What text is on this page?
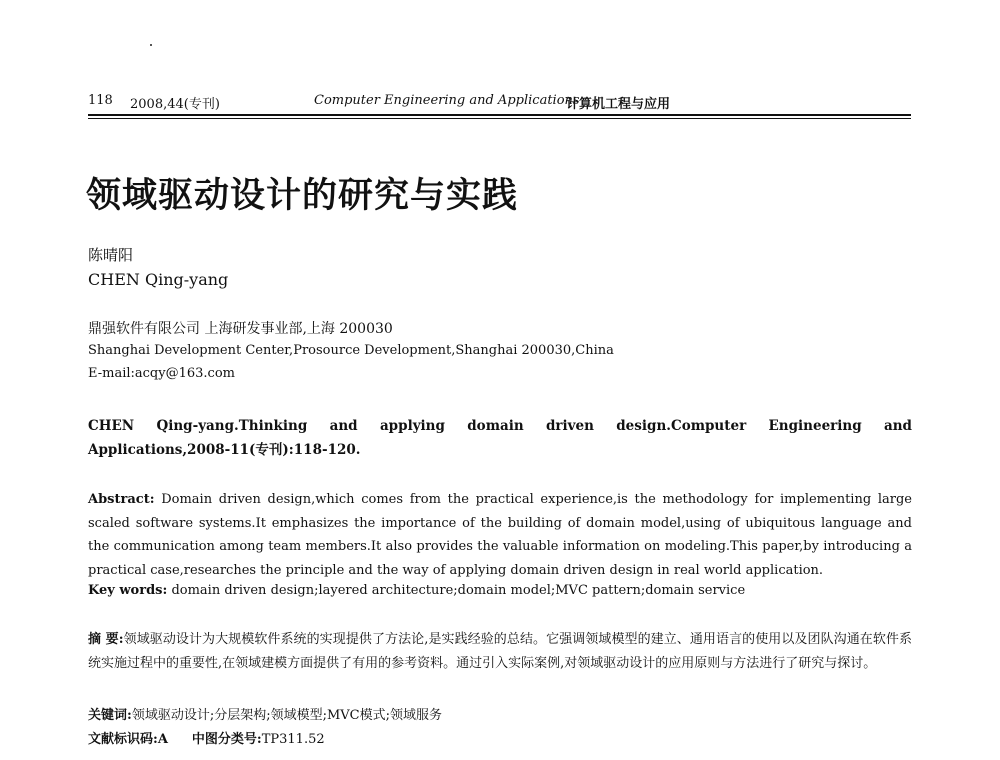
118 2008,44(专刊)	Computer Engineering and Applications
计算机工程与应用
领域驱动设计的研究与实践
陈晴阳
CHEN Qing-yang
鼎强软件有限公司 上海研发事业部,上海 200030
Shanghai Development Center,Prosource Development,Shanghai 200030,China
E-mail:acqy@163.com
CHEN Qing-yang.Thinking and applying domain driven design.Computer Engineering and Applications,2008-11(专刊):118-120.
Abstract: Domain driven design,which comes from the practical experience,is the methodology for implementing large scaled software systems.It emphasizes the importance of the building of domain model,using of ubiquitous language and the communication among team members.It also provides the valuable information on modeling.This paper,by introducing a practical case,researches the principle and the way of applying domain driven design in real world application.
Key words: domain driven design;layered architecture;domain model;MVC pattern;domain service
摘 要:领域驱动设计为大规模软件系统的实现提供了方法论,是实践经验的总结。它强调领域模型的建立、通用语言的使用以及团队沟通在软件系统实施过程中的重要性,在领域建模方面提供了有用的参考资料。通过引入实际案例,对领域驱动设计的应用原则与方法进行了研究与探讨。
关键词:领域驱动设计;分层架构;领域模型;MVC模式;领域服务
文献标识码:A 中图分类号:TP311.52
